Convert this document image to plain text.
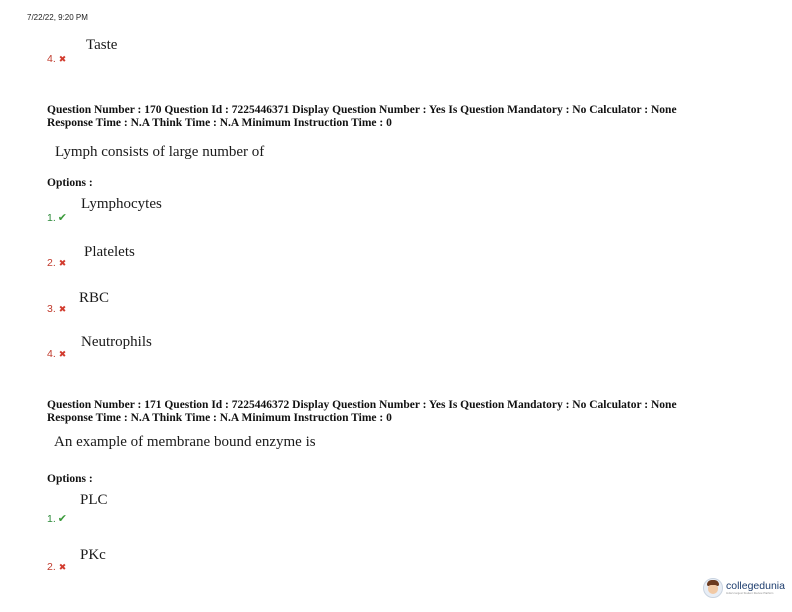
7/22/22, 9:20 PM
Taste
4. ✖
Question Number : 170 Question Id : 7225446371 Display Question Number : Yes Is Question Mandatory : No Calculator : None
Response Time : N.A Think Time : N.A Minimum Instruction Time : 0
Lymph consists of large number of
Options :
Lymphocytes
1. ✔
Platelets
2. ✖
RBC
3. ✖
Neutrophils
4. ✖
Question Number : 171 Question Id : 7225446372 Display Question Number : Yes Is Question Mandatory : No Calculator : None
Response Time : N.A Think Time : N.A Minimum Instruction Time : 0
An example of membrane bound enzyme is
Options :
PLC
1. ✔
PKc
2. ✖
collegedunia
India's largest Student Review Platform
